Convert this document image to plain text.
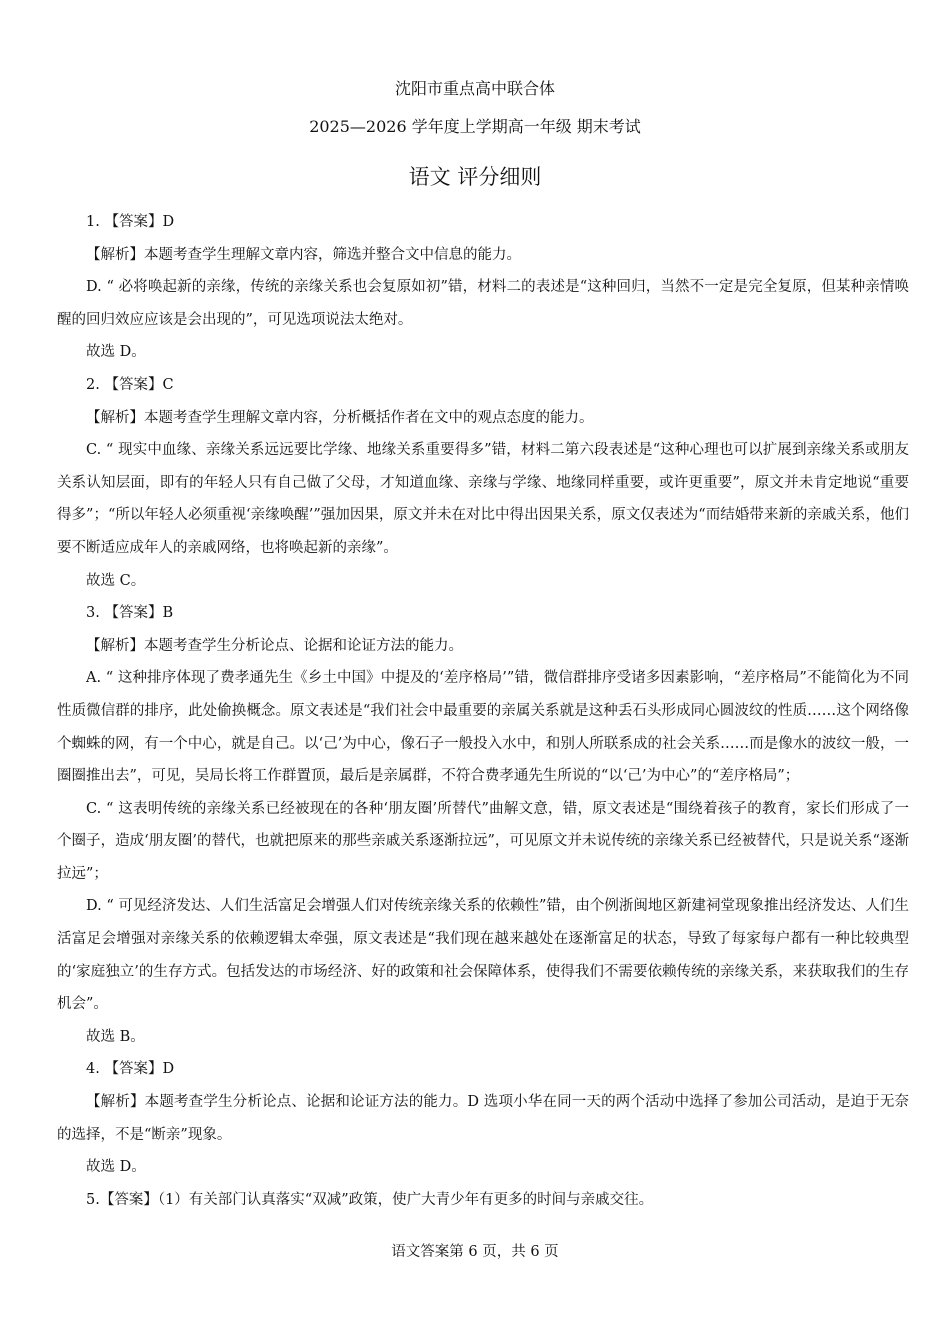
沈阳市重点高中联合体
2025—2026 学年度上学期高一年级 期末考试
语文 评分细则

1. 【答案】D

【解析】本题考查学生理解文章内容，筛选并整合文中信息的能力。

D. “ 必将唤起新的亲缘，传统的亲缘关系也会复原如初”错，材料二的表述是“这种回归，当然不一定是完全复原，但某种亲情唤醒的回归效应应该是会出现的”，可见选项说法太绝对。

故选 D。

2. 【答案】C

【解析】本题考查学生理解文章内容，分析概括作者在文中的观点态度的能力。

C. “ 现实中血缘、亲缘关系远远要比学缘、地缘关系重要得多”错，材料二第六段表述是“这种心理也可以扩展到亲缘关系或朋友关系认知层面，即有的年轻人只有自己做了父母，才知道血缘、亲缘与学缘、地缘同样重要，或许更重要”，原文并未肯定地说“重要得多”；“所以年轻人必须重视‘亲缘唤醒’”强加因果，原文并未在对比中得出因果关系，原文仅表述为“而结婚带来新的亲戚关系，他们要不断适应成年人的亲戚网络，也将唤起新的亲缘”。

故选 C。

3. 【答案】B

【解析】本题考查学生分析论点、论据和论证方法的能力。

A. “ 这种排序体现了费孝通先生《乡土中国》中提及的‘差序格局’”错，微信群排序受诸多因素影响，“差序格局”不能简化为不同性质微信群的排序，此处偷换概念。原文表述是“我们社会中最重要的亲属关系就是这种丢石头形成同心圆波纹的性质……这个网络像个蜘蛛的网，有一个中心，就是自己。以‘己’为中心，像石子一般投入水中，和别人所联系成的社会关系……而是像水的波纹一般，一圈圈推出去”，可见，吴局长将工作群置顶，最后是亲属群，不符合费孝通先生所说的“以‘己’为中心”的“差序格局”；

C. “ 这表明传统的亲缘关系已经被现在的各种‘朋友圈’所替代”曲解文意，错，原文表述是“围绕着孩子的教育，家长们形成了一个圈子，造成‘朋友圈’的替代，也就把原来的那些亲戚关系逐渐拉远”，可见原文并未说传统的亲缘关系已经被替代，只是说关系“逐渐拉远”；

D. “ 可见经济发达、人们生活富足会增强人们对传统亲缘关系的依赖性”错，由个例浙闽地区新建祠堂现象推出经济发达、人们生活富足会增强对亲缘关系的依赖逻辑太牵强，原文表述是“我们现在越来越处在逐渐富足的状态，导致了每家每户都有一种比较典型的‘家庭独立’的生存方式。包括发达的市场经济、好的政策和社会保障体系，使得我们不需要依赖传统的亲缘关系，来获取我们的生存机会”。

故选 B。

4. 【答案】D

【解析】本题考查学生分析论点、论据和论证方法的能力。D 选项小华在同一天的两个活动中选择了参加公司活动，是迫于无奈的选择，不是“断亲”现象。

故选 D。

5.【答案】（1）有关部门认真落实“双减”政策，使广大青少年有更多的时间与亲戚交往。

语文答案第 6 页，共 6 页
